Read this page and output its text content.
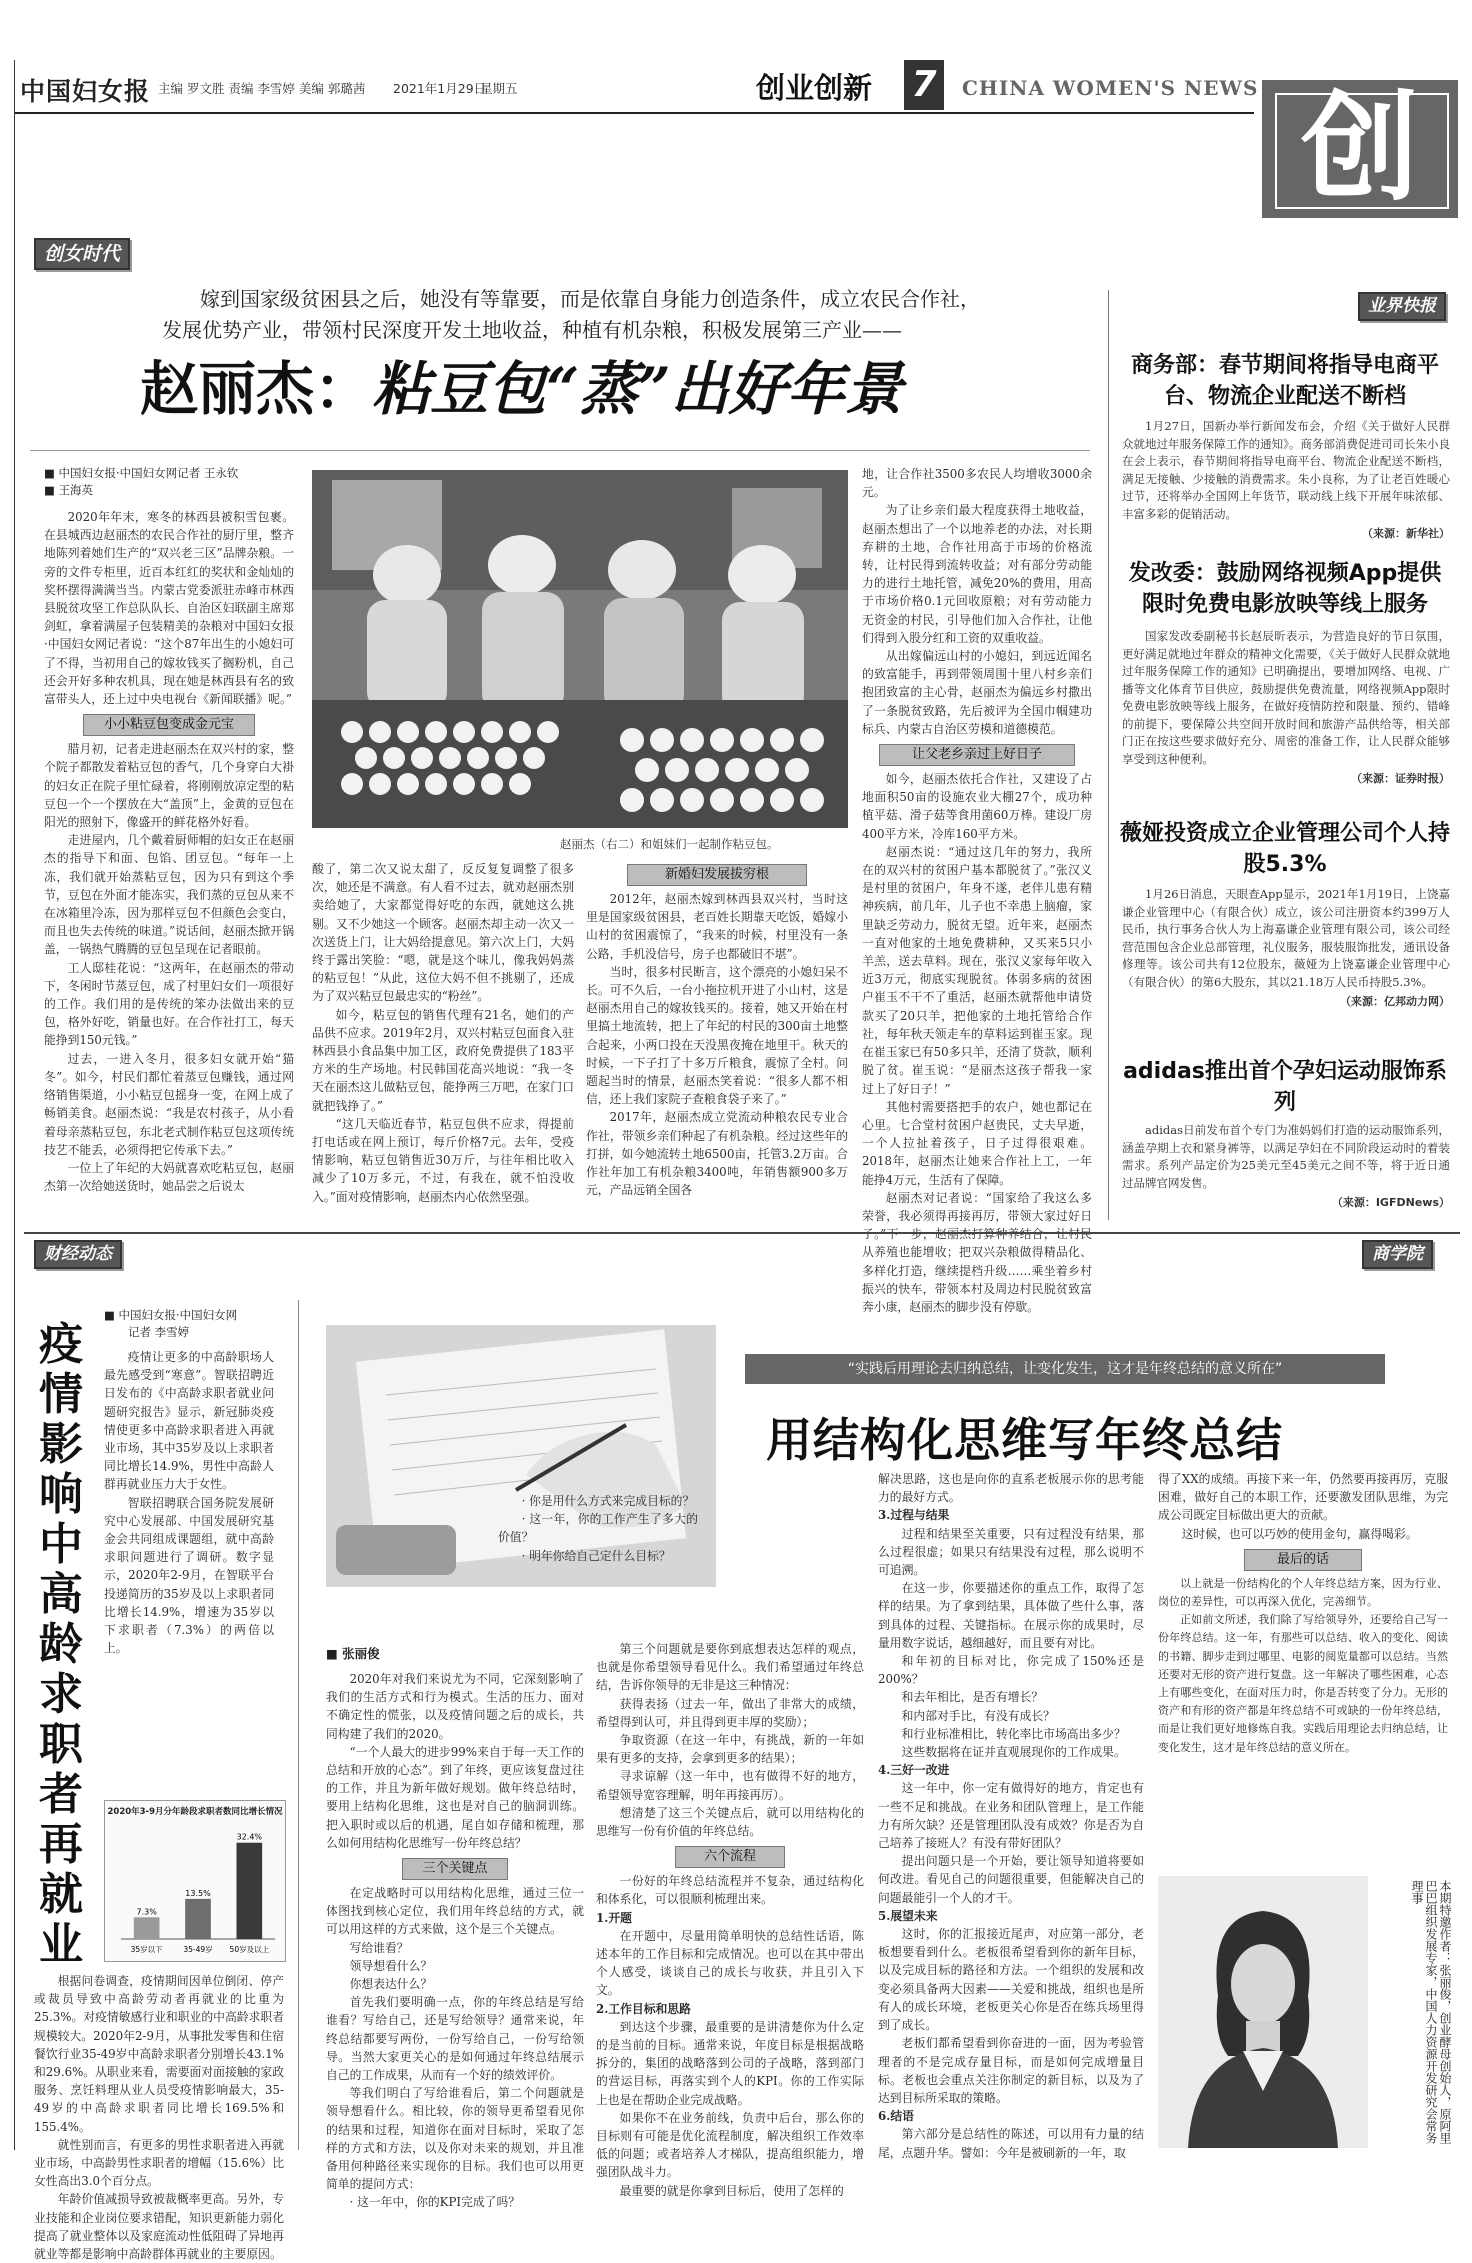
中国妇女报 主编 罗文胜 责编 李雪婷 美编 郭璐茜 2021年1月29日
星期五	创业创新 7	CHINA WOMEN'S NEWS 创
创女时代
嫁到国家级贫困县之后，她没有等靠要，而是依靠自身能力创造条件，成立农民合作社，
发展优势产业，带领村民深度开发土地收益，种植有机杂粮，积极发展第三产业——
赵丽杰：粘豆包“蒸”出好年景
■ 中国妇女报·中国妇女网记者 王永钦
■ 王海英

2020年年末，寒冬的林西县被积雪包裹。在县城西边赵丽杰的农民合作社的厨厅里，整齐地陈列着她们生产的“双兴老三区”品牌杂粮。一旁的文件专柜里，近百本红红的奖状和金灿灿的奖杯摆得满满当当。内蒙古党委派驻赤峰市林西县脱贫攻坚工作总队队长、自治区妇联副主席郑剑虹，拿着满屋子包装精美的杂粮对中国妇女报·中国妇女网记者说：“这个87年出生的小媳妇可了不得，当初用自己的嫁妆钱买了搁粉机，自己还会开好多种农机具，现在她是林西县有名的致富带头人，还上过中央电视台《新闻联播》呢。”

小小粘豆包变成金元宝

腊月初，记者走进赵丽杰在双兴村的家，整个院子都散发着粘豆包的香气，几个身穿白大褂的妇女正在院子里忙碌着，将刚刚放凉定型的粘豆包一个一个摆放在大“盖顶”上，金黄的豆包在阳光的照射下，像盛开的鲜花格外好看。

走进屋内，几个戴着厨师帽的妇女正在赵丽杰的指导下和面、包馅、团豆包。“每年一上冻，我们就开始蒸粘豆包，因为只有到这个季节，豆包在外面才能冻实，我们蒸的豆包从来不在冰箱里冷冻，因为那样豆包不但颜色会变白，而且也失去传统的味道。”说话间，赵丽杰掀开锅盖，一锅热气腾腾的豆包呈现在记者眼前。

工人邸桂花说：“这两年，在赵丽杰的带动下，冬闲时节蒸豆包，成了村里妇女们一项很好的工作。我们用的是传统的笨办法做出来的豆包，格外好吃，销量也好。在合作社打工，每天能挣到150元钱。”

过去，一进入冬月，很多妇女就开始“猫冬”。如今，村民们都忙着蒸豆包赚钱，通过网络销售渠道，小小粘豆包摇身一变，在网上成了畅销美食。赵丽杰说：“我是农村孩子，从小看着母亲蒸粘豆包，东北老式制作粘豆包这项传统技艺不能丢，必须得把它传承下去。”

一位上了年纪的大妈就喜欢吃粘豆包，赵丽杰第一次给她送货时，她品尝之后说太

赵丽杰（右二）和姐妹们一起制作粘豆包。

酸了，第二次又说太甜了，反反复复调整了很多次，她还是不满意。有人看不过去，就劝赵丽杰别卖给她了，大家都觉得好吃的东西，就她这么挑剔。又不少她这一个顾客。赵丽杰却主动一次又一次送货上门，让大妈给提意见。第六次上门，大妈终于露出笑脸：“嗯，就是这个味儿，像我妈妈蒸的粘豆包！”从此，这位大妈不但不挑剔了，还成为了双兴粘豆包最忠实的“粉丝”。

如今，粘豆包的销售代理有21名，她们的产品供不应求。2019年2月，双兴村粘豆包面食入驻林西县小食品集中加工区，政府免费提供了183平方米的生产场地。村民韩国花高兴地说：“我一冬天在丽杰这儿做粘豆包，能挣两三万吧，在家门口就把钱挣了。”

“这几天临近春节，粘豆包供不应求，得提前打电话或在网上预订，每斤价格7元。去年，受疫情影响，粘豆包销售近30万斤，与往年相比收入减少了10万多元，不过，有我在，就不怕没收入。”面对疫情影响，赵丽杰内心依然坚强。

新婚妇发展拔穷根

2012年，赵丽杰嫁到林西县双兴村，当时这里是国家级贫困县，老百姓长期靠天吃饭，婚嫁小山村的贫困震惊了，“我来的时候，村里没有一条公路，手机没信号，房子也都破旧不堪”。

当时，很多村民断言，这个漂亮的小媳妇呆不长。可不久后，一台小拖拉机开进了小山村，这是赵丽杰用自己的嫁妆钱买的。接着，她又开始在村里搞土地流转，把上了年纪的村民的300亩土地整合起来，小两口投在天没黑夜掩在地里干。秋天的时候，一下子打了十多万斤粮食，震惊了全村。问题起当时的情景，赵丽杰笑着说：“很多人都不相信，还上我们家院子查粮食袋子来了。”

2017年，赵丽杰成立党流动种粮农民专业合作社，带领乡亲们种起了有机杂粮。经过这些年的打拼，如今她流转土地6500亩，托管3.2万亩。合作社年加工有机杂粮3400吨，年销售额900多万元，产品远销全国各

地，让合作社3500多农民人均增收3000余元。

为了让乡亲们最大程度获得土地收益，赵丽杰想出了一个以地养老的办法，对长期弃耕的土地，合作社用高于市场的价格流转，让村民得到流转收益；对有部分劳动能力的进行土地托管，减免20%的费用，用高于市场价格0.1元回收原粮；对有劳动能力无资金的村民，引导他们加入合作社，让他们得到入股分红和工资的双重收益。

从出嫁偏远山村的小媳妇，到远近闻名的致富能手，再到带领周围十里八村乡亲们抱团致富的主心骨，赵丽杰为偏远乡村撒出了一条脱贫致路，先后被评为全国巾帼建功标兵、内蒙古自治区劳模和道德模范。

让父老乡亲过上好日子

如今，赵丽杰依托合作社，又建设了占地面积50亩的设施农业大棚27个，成功种植平菇、滑子菇等食用菌60万棒。建设厂房400平方米，冷库160平方米。

赵丽杰说：“通过这几年的努力，我所在的双兴村的贫困户基本都脱贫了。”张汉义是村里的贫困户，年身不遂，老伴儿患有精神疾病，前几年，儿子也不幸患上脑瘤，家里缺乏劳动力，脱贫无望。近年来，赵丽杰一直对他家的土地免费耕种，又买来5只小羊羔，送去草料。现在，张汉义家每年收入近3万元，彻底实现脱贫。体弱多病的贫困户崔玉不干不了重活，赵丽杰就帮他申请贷款买了20只羊，把他家的土地托管给合作社，每年秋天领走车的草料运到崔玉家。现在崔玉家已有50多只羊，还清了贷款，顺利脱了贫。崔玉说：“是丽杰这孩子帮我一家过上了好日子！”

其他村需要搭把手的农户，她也都记在心里。七合堂村贫困户赵贵民，丈夫早逝，一个人拉扯着孩子，日子过得很艰难。2018年，赵丽杰让她来合作社上工，一年能挣4万元，生活有了保障。

赵丽杰对记者说：“国家给了我这么多荣誉，我必须得再接再厉，带领大家过好日子。”下一步，赵丽杰打算种养结合，让村民从养殖也能增收；把双兴杂粮做得精品化、多样化打造，继续提档升级……乘坐着乡村振兴的快车，带领本村及周边村民脱贫致富奔小康，赵丽杰的脚步没有停歇。

业界快报
商务部：春节期间将指导电商平台、物流企业配送不断档

1月27日，国新办举行新闻发布会，介绍《关于做好人民群众就地过年服务保障工作的通知》。商务部消费促进司司长朱小良在会上表示，春节期间将指导电商平台、物流企业配送不断档，满足无接触、少接触的消费需求。朱小良称，为了让老百姓暖心过节，还将举办全国网上年货节，联动线上线下开展年味浓郁、丰富多彩的促销活动。

（来源：新华社）
发改委：鼓励网络视频App提供限时免费电影放映等线上服务

国家发改委副秘书长赵辰昕表示，为营造良好的节日氛围，更好满足就地过年群众的精神文化需要，《关于做好人民群众就地过年服务保障工作的通知》已明确提出，要增加网络、电视、广播等文化体育节目供应，鼓励提供免费流量，网络视频App限时免费电影放映等线上服务，在做好疫情防控和限量、预约、错峰的前提下，要保障公共空间开放时间和旅游产品供给等，相关部门正在按这些要求做好充分、周密的准备工作，让人民群众能够享受到这种便利。

（来源：证券时报）
薇娅投资成立企业管理公司个人持股5.3%

1月26日消息，天眼查App显示，2021年1月19日，上饶嘉谦企业管理中心（有限合伙）成立，该公司注册资本约399万人民币，执行事务合伙人为上海嘉谦企业管理有限公司，该公司经营范围包含企业总部管理，礼仪服务，服装服饰批发，通讯设备修理等。该公司共有12位股东，薇娅为上饶嘉谦企业管理中心（有限合伙）的第6大股东，其以21.18万人民币持股5.3%。

（来源：亿邦动力网）
adidas推出首个孕妇运动服饰系列

adidas日前发布首个专门为准妈妈们打造的运动服饰系列，涵盖孕期上衣和紧身裤等，以满足孕妇在不同阶段运动时的着装需求。系列产品定价为25美元至45美元之间不等，将于近日通过品牌官网发售。

（来源：IGFDNews）
财经动态	商学院
疫情影响中高龄求职者再就业
■ 中国妇女报·中国妇女网
记者 李雪婷

疫情让更多的中高龄职场人最先感受到“寒意”。智联招聘近日发布的《中高龄求职者就业问题研究报告》显示，新冠肺炎疫情使更多中高龄求职者进入再就业市场，其中35岁及以上求职者同比增长14.9%，男性中高龄人群再就业压力大于女性。

智联招聘联合国务院发展研究中心发展部、中国发展研究基金会共同组成课题组，就中高龄求职问题进行了调研。数字显示，2020年2-9月，在智联平台投递简历的35岁及以上求职者同比增长14.9%，增速为35岁以下求职者（7.3%）的两倍以上。

2020年3-9月分年龄段求职者数同比增长情况
7.3%
35岁以下
13.5%
35-49岁
32.4%
50岁及以上

根据问卷调查，疫情期间因单位倒闭、停产或裁员导致中高龄劳动者再就业的比重为25.3%。对疫情敏感行业和职业的中高龄求职者规模较大。2020年2-9月，从事批发零售和住宿餐饮行业35-49岁中高龄求职者分别增长43.1%和29.6%。从职业来看，需要面对面接触的家政服务、烹饪料理从业人员受疫情影响最大，35-49岁的中高龄求职者同比增长169.5%和155.4%。

就性别而言，有更多的男性求职者进入再就业市场，中高龄男性求职者的增幅（15.6%）比女性高出3.0个百分点。

年龄价值减损导致被裁概率更高。另外，专业技能和企业岗位要求错配，知识更新能力弱化提高了就业整体以及家庭流动性低阻碍了异地再就业等都是影响中高龄群体再就业的主要原因。

“实践后用理论去归纳总结，让变化发生，这才是年终总结的意义所在”
用结构化思维写年终总结

· 你是用什么方式来完成目标的？

· 这一年，你的工作产生了多大的价值？

· 明年你给自己定什么目标？

第三个问题就是要你到底想表达怎样的观点，也就是你希望领导看见什么。我们希望通过年终总结，告诉你领导的无非是这三种情况：

获得表扬（过去一年，做出了非常大的成绩，希望得到认可，并且得到更丰厚的奖励）；

争取资源（在这一年中，有挑战，新的一年如果有更多的支持，会拿到更多的结果）；

寻求谅解（这一年中，也有做得不好的地方，希望领导宽容理解，明年再接再厉）。

想清楚了这三个关键点后，就可以用结构化的思维写一份有价值的年终总结。

六个流程

一份好的年终总结流程并不复杂，通过结构化和体系化，可以很顺利梳理出来。

1.开题

在开题中，尽量用简单明快的总结性话语，陈述本年的工作目标和完成情况。也可以在其中带出个人感受，谈谈自己的成长与收获，并且引入下文。

2.工作目标和思路

到达这个步骤，最重要的是讲清楚你为什么定的是当前的目标。通常来说，年度目标是根据战略拆分的，集团的战略落到公司的子战略，落到部门的营运目标，再落实到个人的KPI。你的工作实际上也是在帮助企业完成战略。

如果你不在业务前线，负责中后台，那么你的目标则有可能是优化流程制度，解决组织工作效率低的问题；或者培养人才梯队，提高组织能力，增强团队战斗力。

最重要的就是你拿到目标后，使用了怎样的

■ 张丽俊

2020年对我们来说尤为不同，它深刻影响了我们的生活方式和行为模式。生活的压力、面对不确定性的慌张，以及疫情问题之后的成长，共同构建了我们的2020。

“一个人最大的进步99%来自于每一天工作的总结和开放的心态”。到了年终，更应该复盘过往的工作，并且为新年做好规划。做年终总结时，要用上结构化思维，这也是对自己的脑洞训练。把入职时或以后的机遇，尾自如存储和梳理，那么如何用结构化思维写一份年终总结？

三个关键点

在定战略时可以用结构化思维，通过三位一体图找到核心定位，我们用年终总结的方式，就可以用这样的方式来做，这个是三个关键点。

写给谁看？

领导想看什么？

你想表达什么？

首先我们要明确一点，你的年终总结是写给谁看？写给自己，还是写给领导？通常来说，年终总结都要写两份，一份写给自己，一份写给领导。当然大家更关心的是如何通过年终总结展示自己的工作成果，从而有一个好的绩效评价。

等我们明白了写给谁看后，第二个问题就是领导想看什么。相比较，你的领导更希望看见你的结果和过程，知道你在面对目标时，采取了怎样的方式和方法，以及你对未来的规划，并且准备用何种路径来实现你的目标。我们也可以用更简单的提问方式：

· 这一年中，你的KPI完成了吗？

解决思路，这也是向你的直系老板展示你的思考能力的最好方式。

3.过程与结果

过程和结果至关重要，只有过程没有结果，那么过程很虚；如果只有结果没有过程，那么说明不可追溯。

在这一步，你要描述你的重点工作，取得了怎样的结果。为了拿到结果，具体做了些什么事，落到具体的过程、关键指标。在展示你的成果时，尽量用数字说话，越细越好，而且要有对比。

和年初的目标对比，你完成了150%还是200%？

和去年相比，是否有增长？

和内部对手比，有没有成长？

和行业标准相比，转化率比市场高出多少？

这些数据将在证并直观展现你的工作成果。

4.三好一改进

这一年中，你一定有做得好的地方，肯定也有一些不足和挑战。在业务和团队管理上，是工作能力有所欠缺？还是管理团队没有成效？你是否为自己培养了接班人？有没有带好团队？

提出问题只是一个开始，要让领导知道将要如何改进。看见自己的问题很重要，但能解决自己的问题最能引一个人的才干。

5.展望未来

这时，你的汇报接近尾声，对应第一部分，老板想要看到什么。老板很希望看到你的新年目标，以及完成目标的路径和方法。一个组织的发展和改变必须具备两大因素——关爱和挑战，组织也是所有人的成长环境，老板更关心你是否在练兵场里得到了成长。

老板们都希望看到你奋进的一面，因为考验管理者的不是完成存量目标，而是如何完成增量目标。老板也会重点关注你制定的新目标，以及为了达到目标所采取的策略。

6.结语

第六部分是总结性的陈述，可以用有力量的结尾，点题升华。譬如：今年是被刷新的一年，取

得了XX的成绩。再接下来一年，仍然要再接再厉，克服困难，做好自己的本职工作，还要激发团队思维，为完成公司既定目标做出更大的贡献。

这时候，也可以巧妙的使用金句，赢得喝彩。

最后的话

以上就是一份结构化的个人年终总结方案，因为行业、岗位的差异性，可以再深入优化，完善细节。

正如前文所述，我们除了写给领导外，还要给自己写一份年终总结。这一年，有那些可以总结、收入的变化、阅读的书籍、脚步走到过哪里、电影的阅览量都可以总结。当然还要对无形的资产进行复盘。这一年解决了哪些困难，心态上有哪些变化，在面对压力时，你是否转变了分力。无形的资产和有形的资产都是年终总结不可或缺的一份年终总结，而是让我们更好地修炼自我。实践后用理论去归纳总结，让变化发生，这才是年终总结的意义所在。

本期特邀作者：张丽俊，创业酵母创始人，原阿里巴巴组织发展专家，中国人力资源开发研究会常务理事
